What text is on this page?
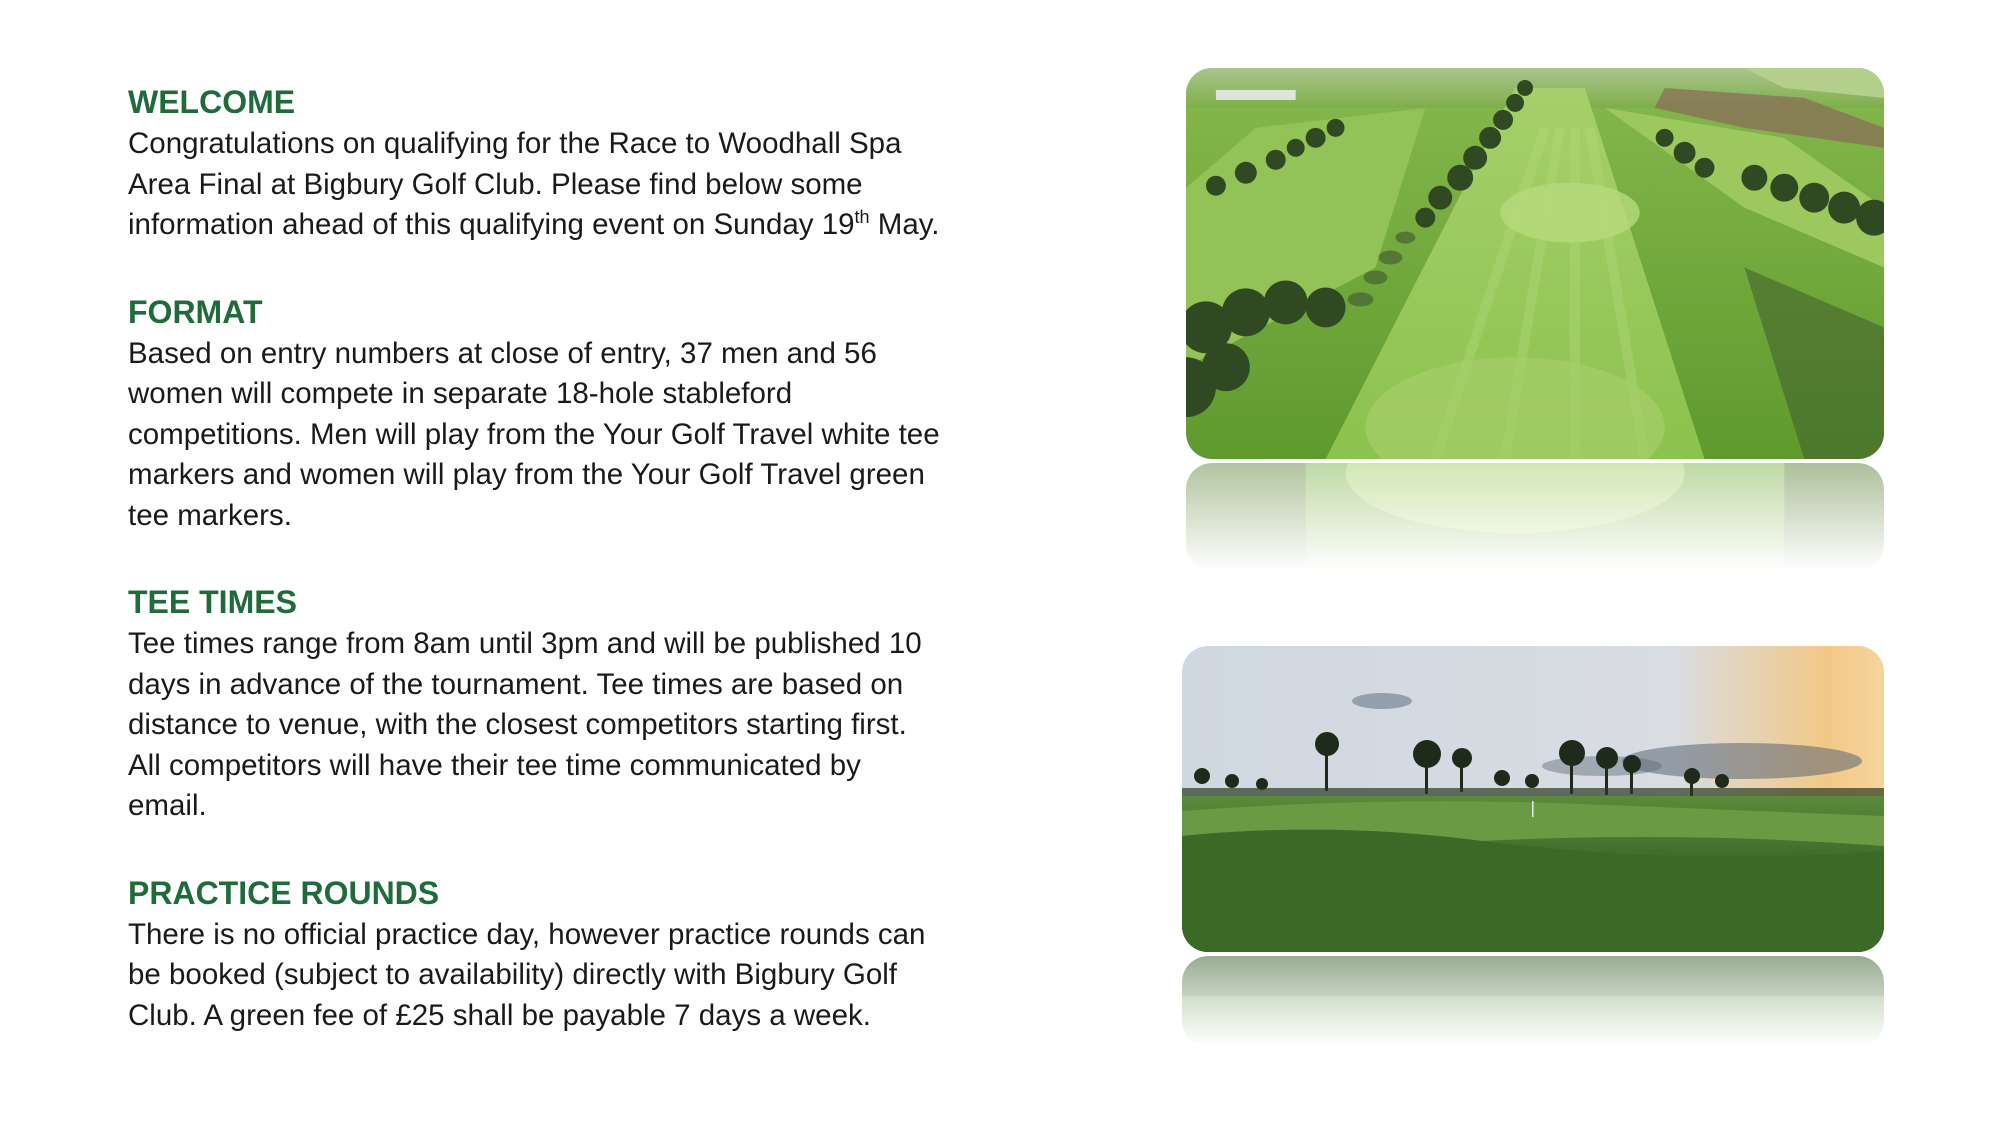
WELCOME

Congratulations on qualifying for the Race to Woodhall Spa
Area Final at Bigbury Golf Club. Please find below some
information ahead of this qualifying event on Sunday 19th May.

FORMAT

Based on entry numbers at close of entry, 37 men and 56
women will compete in separate 18-hole stableford
competitions. Men will play from the Your Golf Travel white tee
markers and women will play from the Your Golf Travel green
tee markers.

TEE TIMES

Tee times range from 8am until 3pm and will be published 10
days in advance of the tournament. Tee times are based on
distance to venue, with the closest competitors starting first.
All competitors will have their tee time communicated by
email.

PRACTICE ROUNDS

There is no official practice day, however practice rounds can
be booked (subject to availability) directly with Bigbury Golf
Club. A green fee of £25 shall be payable 7 days a week.
